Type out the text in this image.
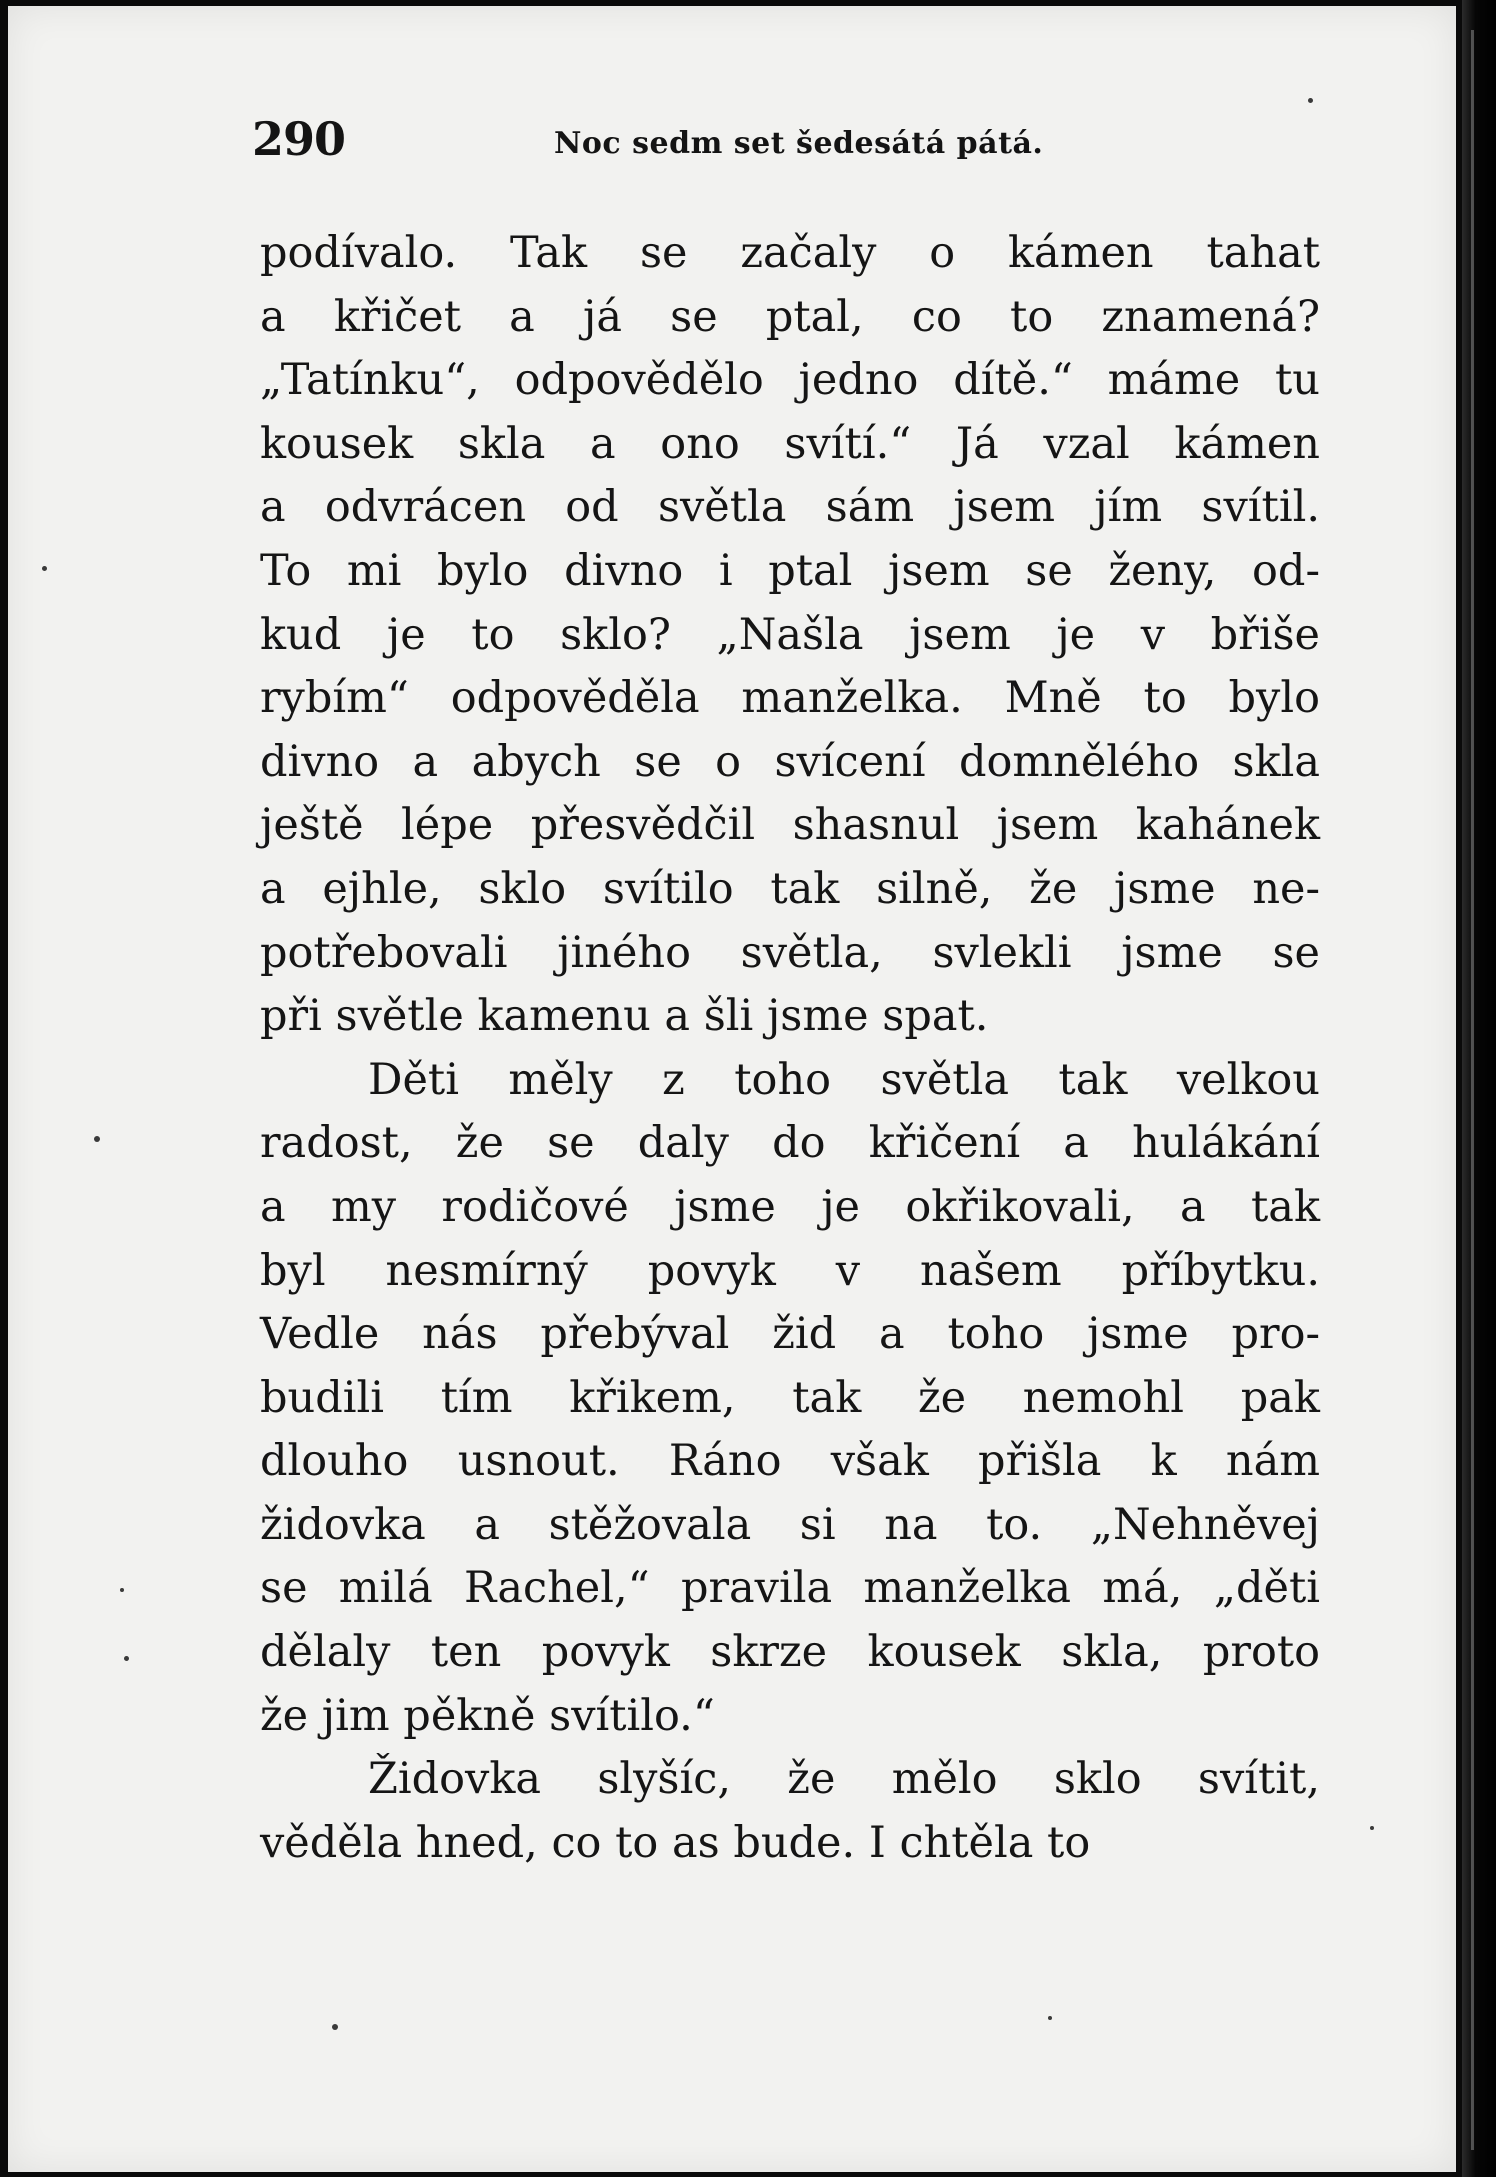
290	Noc sedm set šedesátá pátá.
podívalo. Tak se začaly o kámen tahat
a křičet a já se ptal, co to znamená?
„Tatínku“, odpovědělo jedno dítě.“ máme tu
kousek skla a ono svítí.“ Já vzal kámen
a odvrácen od světla sám jsem jím svítil.
To mi bylo divno i ptal jsem se ženy, od-
kud je to sklo? „Našla jsem je v břiše
rybím“ odpověděla manželka. Mně to bylo
divno a abych se o svícení domnělého skla
ještě lépe přesvědčil shasnul jsem kahánek
a ejhle, sklo svítilo tak silně, že jsme ne-
potřebovali jiného světla, svlekli jsme se
při světle kamenu a šli jsme spat.
Děti měly z toho světla tak velkou
radost, že se daly do křičení a hulákání
a my rodičové jsme je okřikovali, a tak
byl nesmírný povyk v našem příbytku.
Vedle nás přebýval žid a toho jsme pro-
budili tím křikem, tak že nemohl pak
dlouho usnout. Ráno však přišla k nám
židovka a stěžovala si na to. „Nehněvej
se milá Rachel,“ pravila manželka má, „děti
dělaly ten povyk skrze kousek skla, proto
že jim pěkně svítilo.“
Židovka slyšíc, že mělo sklo svítit,
věděla hned, co to as bude. I chtěla to
